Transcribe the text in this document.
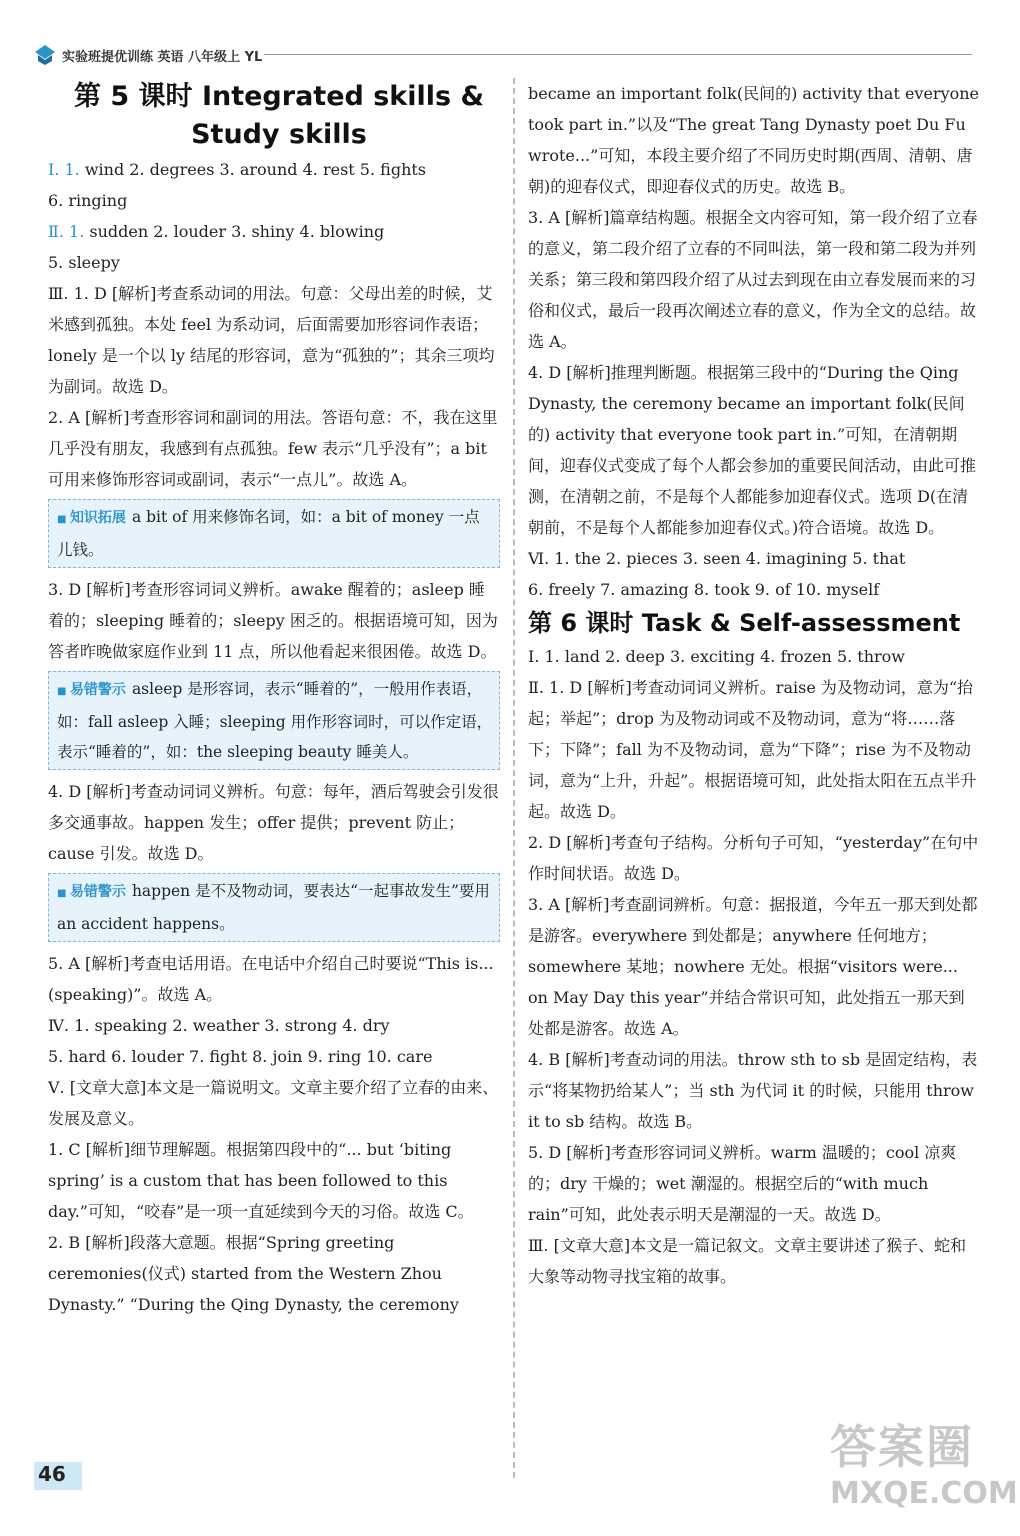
实验班提优训练 英语 八年级上 YL
第 5 课时 Integrated skills &
Study skills

Ⅰ. 1. wind 2. degrees 3. around 4. rest 5. fights

6. ringing

Ⅱ. 1. sudden 2. louder 3. shiny 4. blowing

5. sleepy

Ⅲ. 1. D [解析]考查系动词的用法。句意：父母出差的时候，艾米感到孤独。本处 feel 为系动词，后面需要加形容词作表语；lonely 是一个以 ly 结尾的形容词，意为“孤独的”；其余三项均为副词。故选 D。

2. A [解析]考查形容词和副词的用法。答语句意：不，我在这里几乎没有朋友，我感到有点孤独。few 表示“几乎没有”；a bit 可用来修饰形容词或副词，表示“一点儿”。故选 A。

■ 知识拓展 a bit of 用来修饰名词，如：a bit of money 一点儿钱。

3. D [解析]考查形容词词义辨析。awake 醒着的；asleep 睡着的；sleeping 睡着的；sleepy 困乏的。根据语境可知，因为答者昨晚做家庭作业到 11 点，所以他看起来很困倦。故选 D。

■ 易错警示 asleep 是形容词，表示“睡着的”，一般用作表语，如：fall asleep 入睡；sleeping 用作形容词时，可以作定语，表示“睡着的”，如：the sleeping beauty 睡美人。

4. D [解析]考查动词词义辨析。句意：每年，酒后驾驶会引发很多交通事故。happen 发生；offer 提供；prevent 防止；cause 引发。故选 D。

■ 易错警示 happen 是不及物动词，要表达“一起事故发生”要用 an accident happens。

5. A [解析]考查电话用语。在电话中介绍自己时要说“This is...(speaking)”。故选 A。

Ⅳ. 1. speaking 2. weather 3. strong 4. dry

5. hard 6. louder 7. fight 8. join 9. ring 10. care

Ⅴ. [文章大意]本文是一篇说明文。文章主要介绍了立春的由来、发展及意义。

1. C [解析]细节理解题。根据第四段中的“... but ‘biting spring’ is a custom that has been followed to this day.”可知，“咬春”是一项一直延续到今天的习俗。故选 C。

2. B [解析]段落大意题。根据“Spring greeting ceremonies(仪式) started from the Western Zhou Dynasty.” “During the Qing Dynasty, the ceremony

became an important folk(民间的) activity that everyone took part in.”以及“The great Tang Dynasty poet Du Fu wrote...”可知，本段主要介绍了不同历史时期(西周、清朝、唐朝)的迎春仪式，即迎春仪式的历史。故选 B。

3. A [解析]篇章结构题。根据全文内容可知，第一段介绍了立春的意义，第二段介绍了立春的不同叫法，第一段和第二段为并列关系；第三段和第四段介绍了从过去到现在由立春发展而来的习俗和仪式，最后一段再次阐述立春的意义，作为全文的总结。故选 A。

4. D [解析]推理判断题。根据第三段中的“During the Qing Dynasty, the ceremony became an important folk(民间的) activity that everyone took part in.”可知，在清朝期间，迎春仪式变成了每个人都会参加的重要民间活动，由此可推测，在清朝之前，不是每个人都能参加迎春仪式。选项 D(在清朝前，不是每个人都能参加迎春仪式。)符合语境。故选 D。

Ⅵ. 1. the 2. pieces 3. seen 4. imagining 5. that

6. freely 7. amazing 8. took 9. of 10. myself

第 6 课时 Task & Self-assessment

Ⅰ. 1. land 2. deep 3. exciting 4. frozen 5. throw

Ⅱ. 1. D [解析]考查动词词义辨析。raise 为及物动词，意为“抬起；举起”；drop 为及物动词或不及物动词，意为“将……落下；下降”；fall 为不及物动词，意为“下降”；rise 为不及物动词，意为“上升，升起”。根据语境可知，此处指太阳在五点半升起。故选 D。

2. D [解析]考查句子结构。分析句子可知，“yesterday”在句中作时间状语。故选 D。

3. A [解析]考查副词辨析。句意：据报道，今年五一那天到处都是游客。everywhere 到处都是；anywhere 任何地方；somewhere 某地；nowhere 无处。根据“visitors were... on May Day this year”并结合常识可知，此处指五一那天到处都是游客。故选 A。

4. B [解析]考查动词的用法。throw sth to sb 是固定结构，表示“将某物扔给某人”；当 sth 为代词 it 的时候，只能用 throw it to sb 结构。故选 B。

5. D [解析]考查形容词词义辨析。warm 温暖的；cool 凉爽的；dry 干燥的；wet 潮湿的。根据空后的“with much rain”可知，此处表示明天是潮湿的一天。故选 D。

Ⅲ. [文章大意]本文是一篇记叙文。文章主要讲述了猴子、蛇和大象等动物寻找宝箱的故事。

46	答案圈
MXQE.COM
